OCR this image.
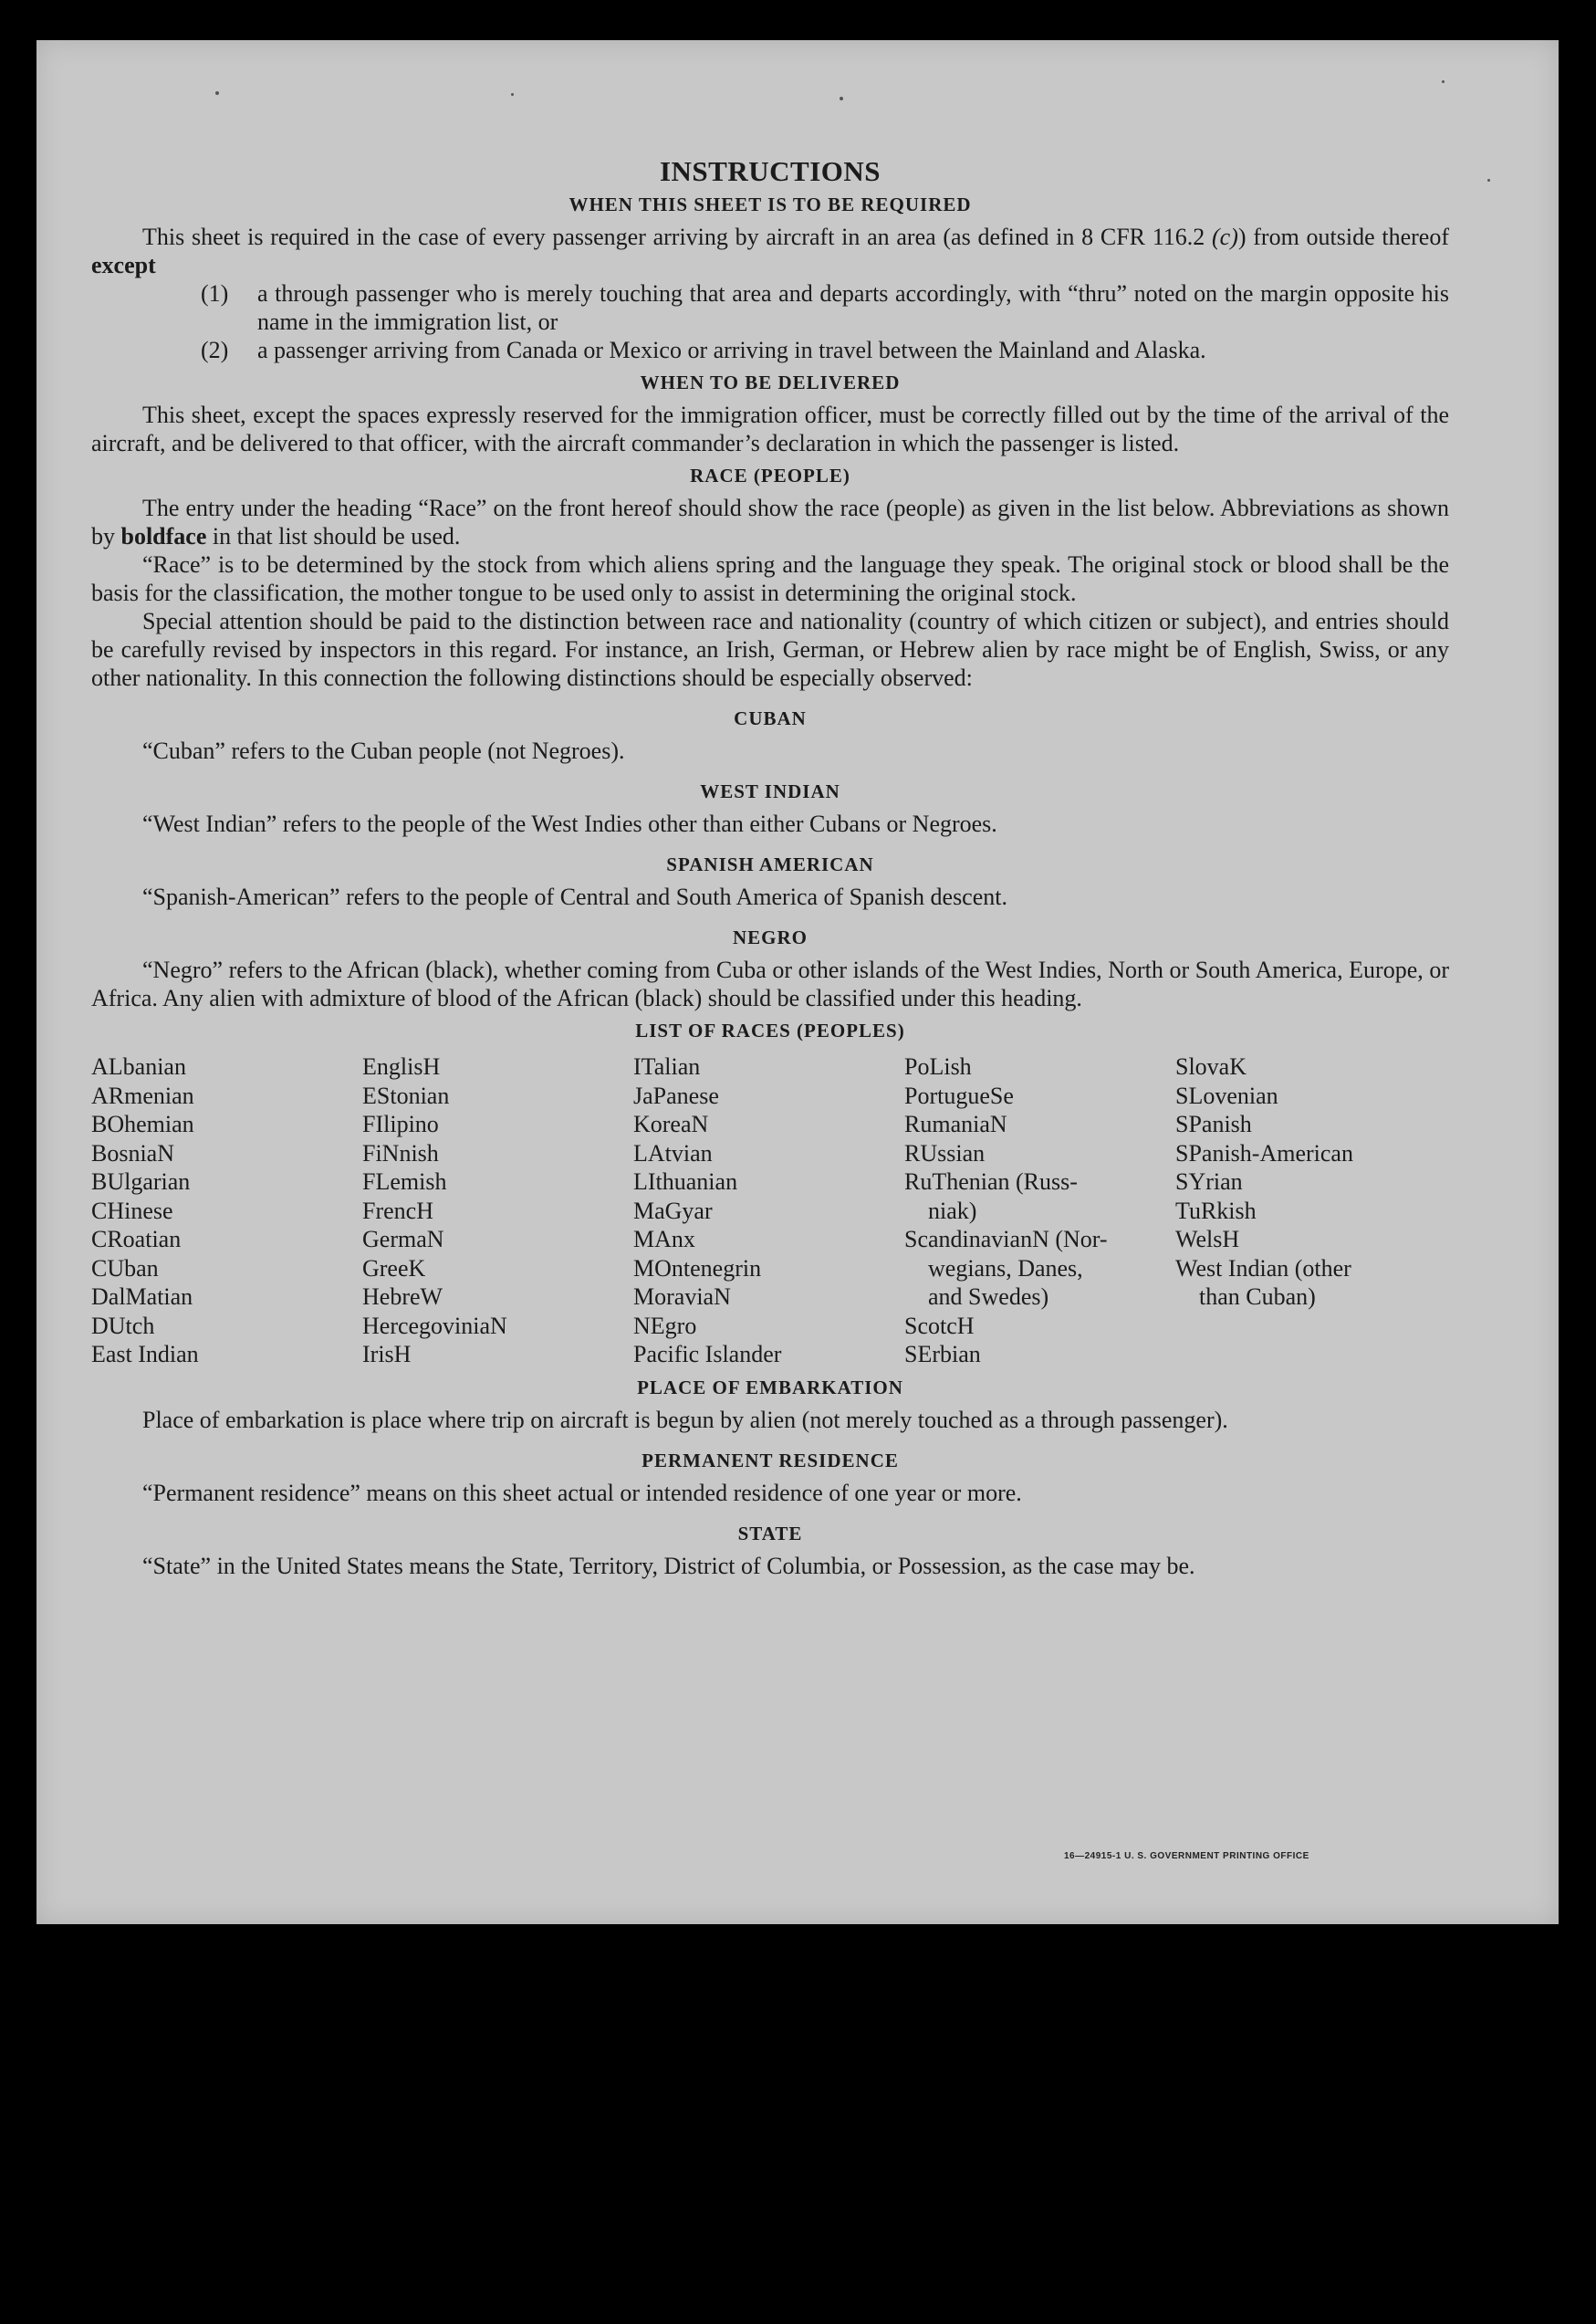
INSTRUCTIONS
WHEN THIS SHEET IS TO BE REQUIRED

This sheet is required in the case of every passenger arriving by aircraft in an area (as defined in 8 CFR 116.2 (c)) from outside thereof except

(1)	a through passenger who is merely touching that area and departs accordingly, with “thru” noted on the margin opposite his name in the immigration list, or
(2)	a passenger arriving from Canada or Mexico or arriving in travel between the Mainland and Alaska.
WHEN TO BE DELIVERED

This sheet, except the spaces expressly reserved for the immigration officer, must be correctly filled out by the time of the arrival of the aircraft, and be delivered to that officer, with the aircraft commander’s declaration in which the passenger is listed.

RACE (PEOPLE)

The entry under the heading “Race” on the front hereof should show the race (people) as given in the list below. Abbreviations as shown by boldface in that list should be used.

“Race” is to be determined by the stock from which aliens spring and the language they speak. The original stock or blood shall be the basis for the classification, the mother tongue to be used only to assist in determining the original stock.

Special attention should be paid to the distinction between race and nationality (country of which citizen or subject), and entries should be carefully revised by inspectors in this regard. For instance, an Irish, German, or Hebrew alien by race might be of English, Swiss, or any other nationality. In this connection the following distinctions should be especially observed:

CUBAN

“Cuban” refers to the Cuban people (not Negroes).

WEST INDIAN

“West Indian” refers to the people of the West Indies other than either Cubans or Negroes.

SPANISH AMERICAN

“Spanish-American” refers to the people of Central and South America of Spanish descent.

NEGRO

“Negro” refers to the African (black), whether coming from Cuba or other islands of the West Indies, North or South America, Europe, or Africa. Any alien with admixture of blood of the African (black) should be classified under this heading.

LIST OF RACES (PEOPLES)
ALbanian
ARmenian
BOhemian
BosniaN
BUlgarian
CHinese
CRoatian
CUban
DalMatian
DUtch
East Indian
EnglisH
EStonian
FIlipino
FiNnish
FLemish
FrencH
GermaN
GreeK
HebreW
HercegoviniaN
IrisH
ITalian
JaPanese
KoreaN
LAtvian
LIthuanian
MaGyar
MAnx
MOntenegrin
MoraviaN
NEgro
Pacific Islander
PoLish
PortugueSe
RumaniaN
RUssian
RuThenian (Russ-
niak)
ScandinavianN (Nor-
wegians, Danes,
and Swedes)
ScotcH
SErbian
SlovaK
SLovenian
SPanish
SPanish-American
SYrian
TuRkish
WelsH
West Indian (other
than Cuban)
PLACE OF EMBARKATION

Place of embarkation is place where trip on aircraft is begun by alien (not merely touched as a through passenger).

PERMANENT RESIDENCE

“Permanent residence” means on this sheet actual or intended residence of one year or more.

STATE

“State” in the United States means the State, Territory, District of Columbia, or Possession, as the case may be.

16—24915-1 U. S. GOVERNMENT PRINTING OFFICE
